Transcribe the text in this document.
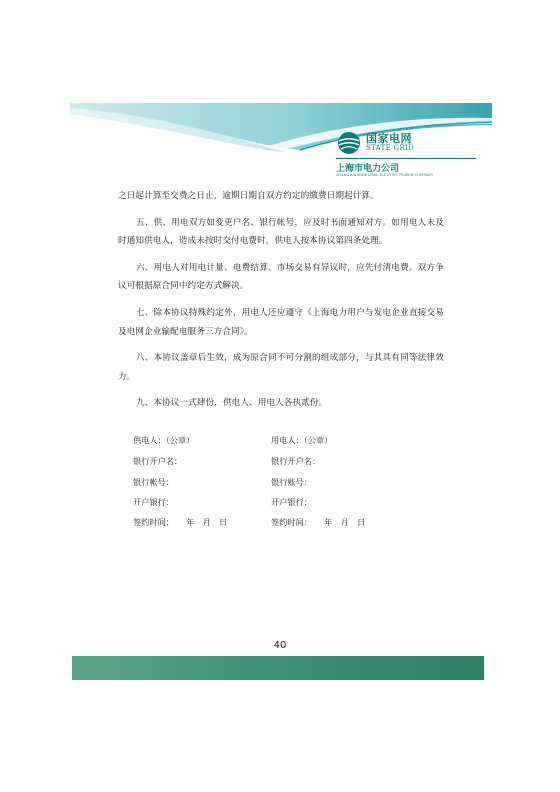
国家电网
STATE GRID
上海市电力公司
SHANGHAI MUNICIPAL ELECTRIC POWER COMPANY

之日起计算至交费之日止，逾期日期自双方约定的缴费日期起计算。

五、供、用电双方如变更户名、银行帐号，应及时书面通知对方。如用电人未及时通知供电人，造成未按时交付电费时，供电人按本协议第四条处理。

六、用电人对用电计量、电费结算、市场交易有异议时，应先付清电费。双方争议可根据原合同中约定方式解决。

七、除本协议特殊约定外，用电人还应遵守《上海电力用户与发电企业直接交易及电网企业输配电服务三方合同》。

八、本协议盖章后生效，成为原合同不可分割的组成部分，与其具有同等法律效力。

九、本协议一式肆份，供电人、用电人各执贰份。

供电人：（公章）	用电人：（公章）
银行开户名：	银行开户名：
银行帐号：	银行账号：
开户银行：	开户银行：
签约时间：　　年　月　日	签约时间：　　年　月　日
40
